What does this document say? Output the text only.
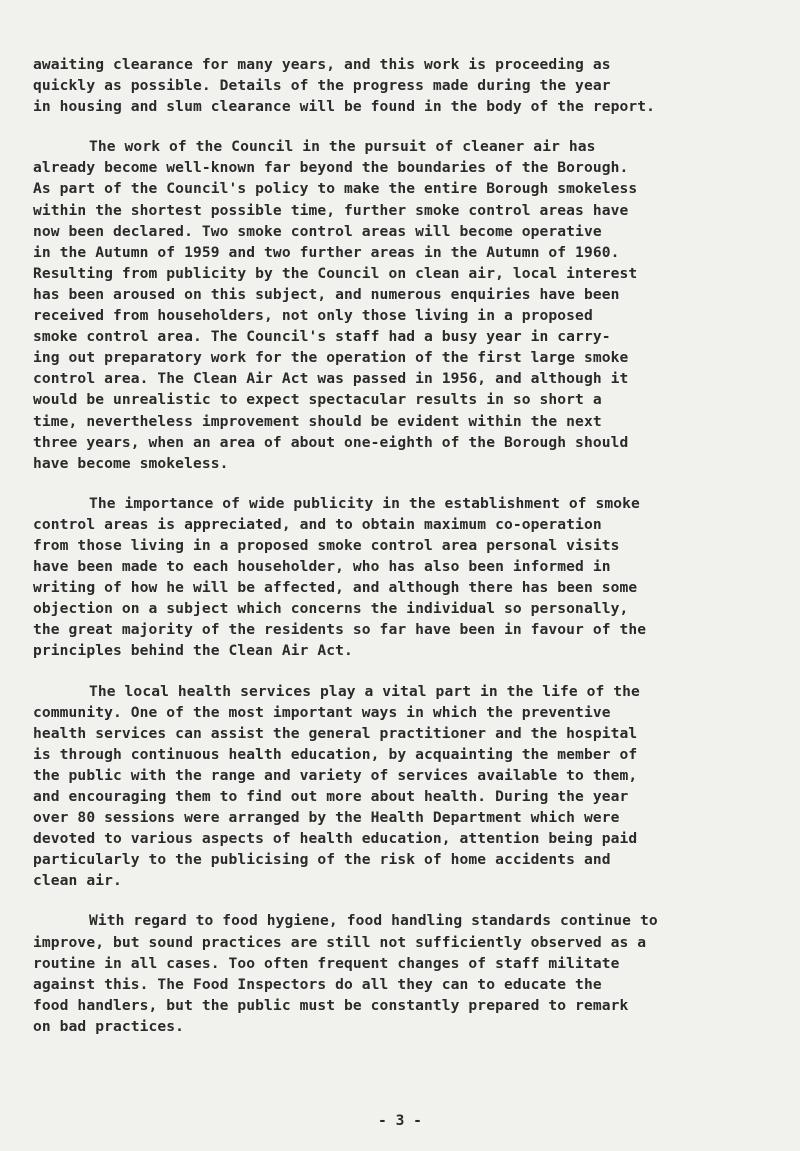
awaiting clearance for many years, and this work is proceeding as
quickly as possible. Details of the progress made during the year
in housing and slum clearance will be found in the body of the report.
The work of the Council in the pursuit of cleaner air has
already become well-known far beyond the boundaries of the Borough.
As part of the Council's policy to make the entire Borough smokeless
within the shortest possible time, further smoke control areas have
now been declared. Two smoke control areas will become operative
in the Autumn of 1959 and two further areas in the Autumn of 1960.
Resulting from publicity by the Council on clean air, local interest
has been aroused on this subject, and numerous enquiries have been
received from householders, not only those living in a proposed
smoke control area. The Council's staff had a busy year in carry-
ing out preparatory work for the operation of the first large smoke
control area. The Clean Air Act was passed in 1956, and although it
would be unrealistic to expect spectacular results in so short a
time, nevertheless improvement should be evident within the next
three years, when an area of about one-eighth of the Borough should
have become smokeless.
The importance of wide publicity in the establishment of smoke
control areas is appreciated, and to obtain maximum co-operation
from those living in a proposed smoke control area personal visits
have been made to each householder, who has also been informed in
writing of how he will be affected, and although there has been some
objection on a subject which concerns the individual so personally,
the great majority of the residents so far have been in favour of the
principles behind the Clean Air Act.
The local health services play a vital part in the life of the
community. One of the most important ways in which the preventive
health services can assist the general practitioner and the hospital
is through continuous health education, by acquainting the member of
the public with the range and variety of services available to them,
and encouraging them to find out more about health. During the year
over 80 sessions were arranged by the Health Department which were
devoted to various aspects of health education, attention being paid
particularly to the publicising of the risk of home accidents and
clean air.
With regard to food hygiene, food handling standards continue to
improve, but sound practices are still not sufficiently observed as a
routine in all cases. Too often frequent changes of staff militate
against this. The Food Inspectors do all they can to educate the
food handlers, but the public must be constantly prepared to remark
on bad practices.
- 3 -
